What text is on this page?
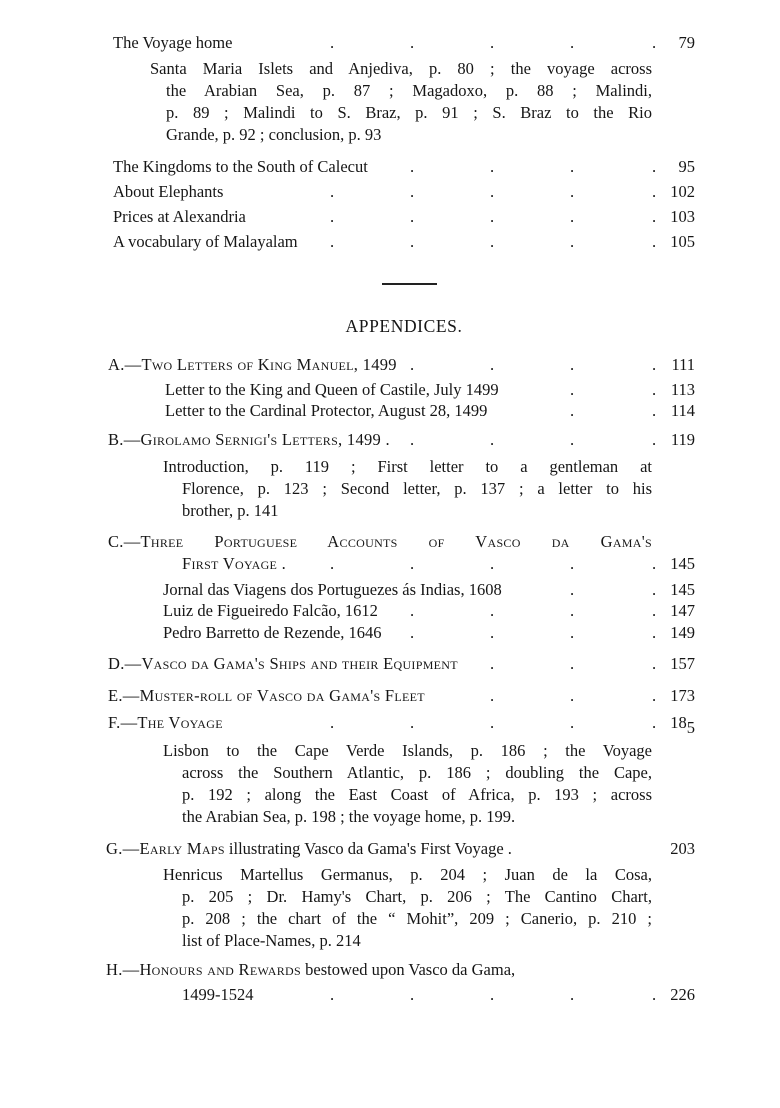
The Voyage home	79
Santa Maria Islets and Anjediva, p. 80 ; the voyage across
the Arabian Sea, p. 87 ; Magadoxo, p. 88 ; Malindi,
p. 89 ; Malindi to S. Braz, p. 91 ; S. Braz to the Rio
Grande, p. 92 ; conclusion, p. 93
The Kingdoms to the South of Calecut	95
About Elephants	102
Prices at Alexandria	103
A vocabulary of Malayalam	105
APPENDICES.
A.—Two Letters of King Manuel, 1499	111
Letter to the King and Queen of Castile, July 1499	113
Letter to the Cardinal Protector, August 28, 1499	114
B.—Girolamo Sernigi's Letters, 1499 .	119
Introduction, p. 119 ; First letter to a gentleman at
Florence, p. 123 ; Second letter, p. 137 ; a letter to his
brother, p. 141
C.—Three Portuguese Accounts of Vasco da Gama's
First Voyage .	145
Jornal das Viagens dos Portuguezes ás Indias, 1608	145
Luiz de Figueiredo Falcão, 1612	147
Pedro Barretto de Rezende, 1646	149
D.—Vasco da Gama's Ships and their Equipment	157
E.—Muster-roll of Vasco da Gama's Fleet	173
F.—The Voyage	185
Lisbon to the Cape Verde Islands, p. 186 ; the Voyage
across the Southern Atlantic, p. 186 ; doubling the Cape,
p. 192 ; along the East Coast of Africa, p. 193 ; across
the Arabian Sea, p. 198 ; the voyage home, p. 199.
G.—Early Maps illustrating Vasco da Gama's First Voyage .	203
Henricus Martellus Germanus, p. 204 ; Juan de la Cosa,
p. 205 ; Dr. Hamy's Chart, p. 206 ; The Cantino Chart,
p. 208 ; the chart of the “ Mohit”, 209 ; Canerio, p. 210 ;
list of Place-Names, p. 214
H.—Honours and Rewards bestowed upon Vasco da Gama,
1499-1524	226
.	.	.	.	.
.	.	.	.
.	.	.	.	.
.	.	.	.	.
.	.	.	.	.
.	.	.	.
.	.
.	.
.	.	.	.
.	.	.	.	.
.	.
.	.	.	.
.	.	.	.
.	.	.
.	.	.
.	.	.	.	.
.	.	.	.	.
